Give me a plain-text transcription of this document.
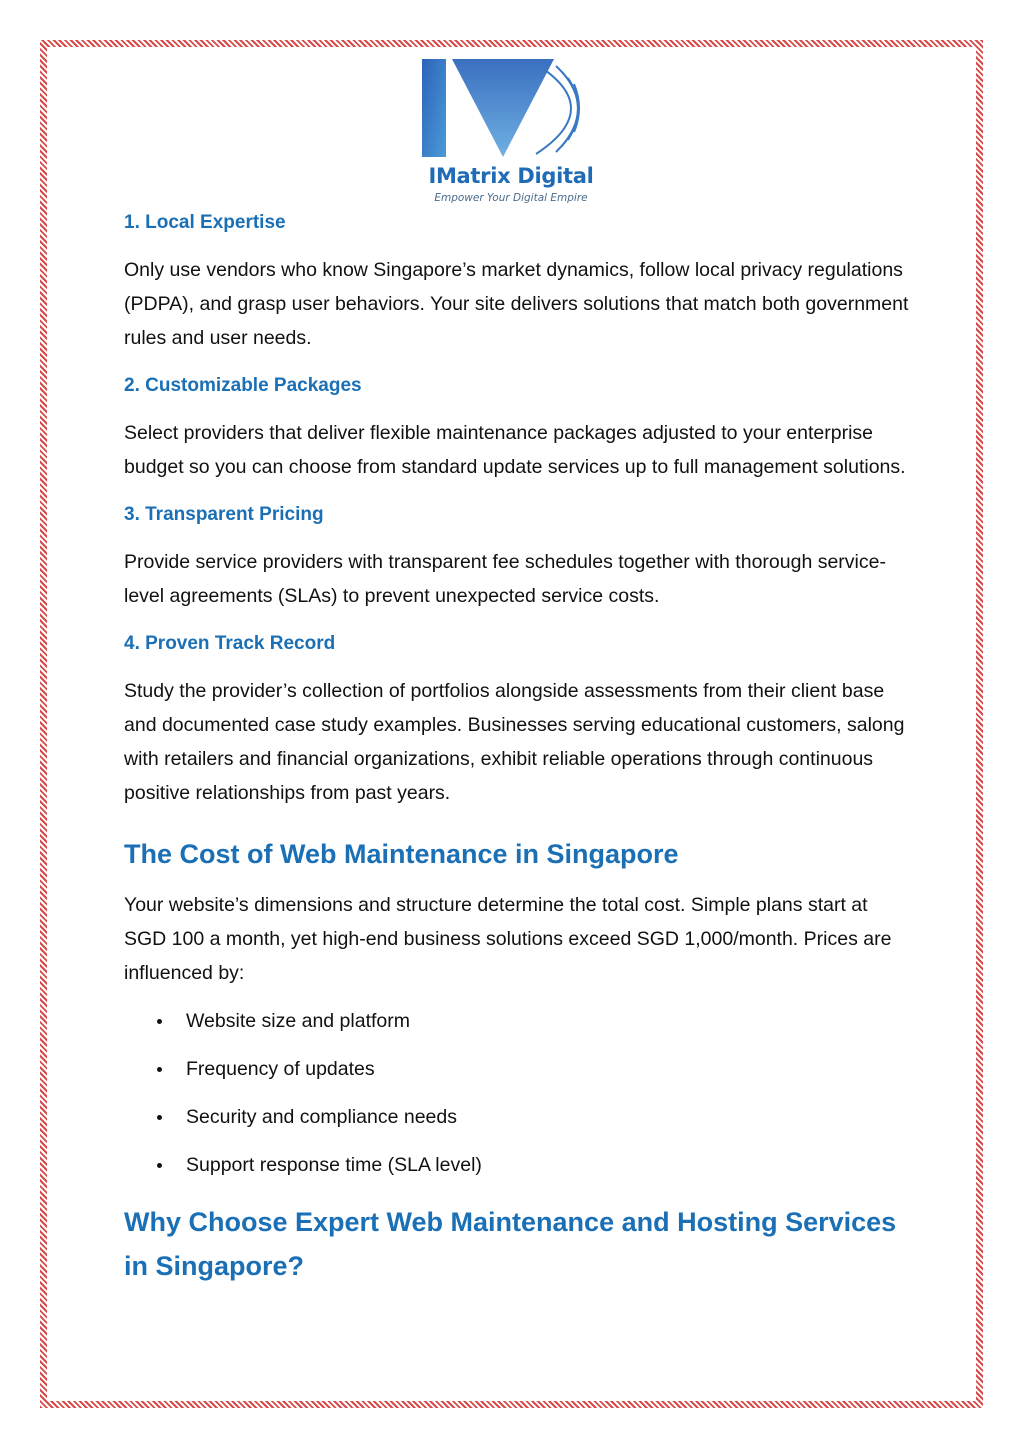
IMatrix Digital
Empower Your Digital Empire
1. Local Expertise

Only use vendors who know Singapore’s market dynamics, follow local privacy regulations (PDPA), and grasp user behaviors. Your site delivers solutions that match both government rules and user needs.

2. Customizable Packages

Select providers that deliver flexible maintenance packages adjusted to your enterprise budget so you can choose from standard update services up to full management solutions.

3. Transparent Pricing

Provide service providers with transparent fee schedules together with thorough service-level agreements (SLAs) to prevent unexpected service costs.

4. Proven Track Record

Study the provider’s collection of portfolios alongside assessments from their client base and documented case study examples. Businesses serving educational customers, salong with retailers and financial organizations, exhibit reliable operations through continuous positive relationships from past years.

The Cost of Web Maintenance in Singapore

Your website’s dimensions and structure determine the total cost. Simple plans start at SGD 100 a month, yet high-end business solutions exceed SGD 1,000/month. Prices are influenced by:

Website size and platform
Frequency of updates
Security and compliance needs
Support response time (SLA level)
Why Choose Expert Web Maintenance and Hosting Services in Singapore?
